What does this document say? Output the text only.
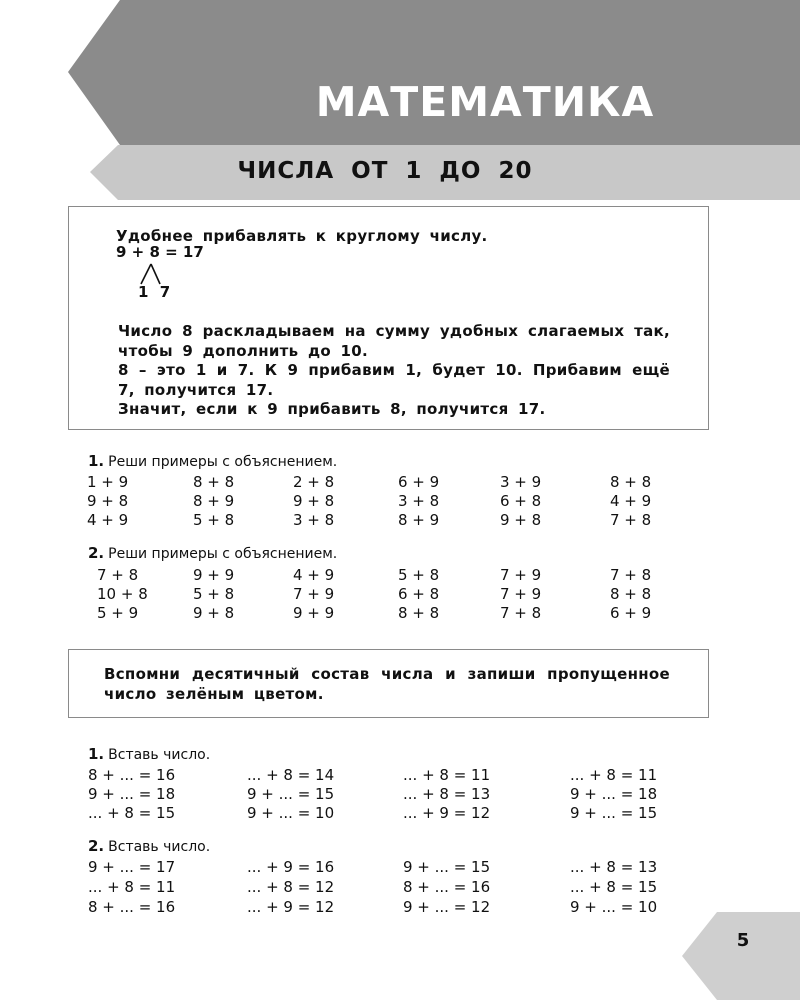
МАТЕМАТИКА
ЧИСЛА ОТ 1 ДО 20
Удобнее прибавлять к круглому числу.
9 + 8 = 17
1  7
Число 8 раскладываем на сумму удобных слагаемых так, чтобы 9 дополнить до 10.
8 – это 1 и 7. К 9 прибавим 1, будет 10. Прибавим ещё 7, получится 17.
Значит, если к 9 прибавить 8, получится 17.
1. Реши примеры с объяснением.
1 + 9	8 + 8	2 + 8	6 + 9	3 + 9	8 + 8
9 + 8	8 + 9	9 + 8	3 + 8	6 + 8	4 + 9
4 + 9	5 + 8	3 + 8	8 + 9	9 + 8	7 + 8
2. Реши примеры с объяснением.
7 + 8	9 + 9	4 + 9	5 + 8	7 + 9	7 + 8
10 + 8	5 + 8	7 + 9	6 + 8	7 + 9	8 + 8
5 + 9	9 + 8	9 + 9	8 + 8	7 + 8	6 + 9
Вспомни десятичный состав числа и запиши пропущенное число зелёным цветом.
1. Вставь число.
8 + ... = 16	... + 8 = 14	... + 8 = 11	... + 8 = 11
9 + ... = 18	9 + ... = 15	... + 8 = 13	9 + ... = 18
... + 8 = 15	9 + ... = 10	... + 9 = 12	9 + ... = 15
2. Вставь число.
9 + ... = 17	... + 9 = 16	9 + ... = 15	... + 8 = 13
... + 8 = 11	... + 8 = 12	8 + ... = 16	... + 8 = 15
8 + ... = 16	... + 9 = 12	9 + ... = 12	9 + ... = 10
5
